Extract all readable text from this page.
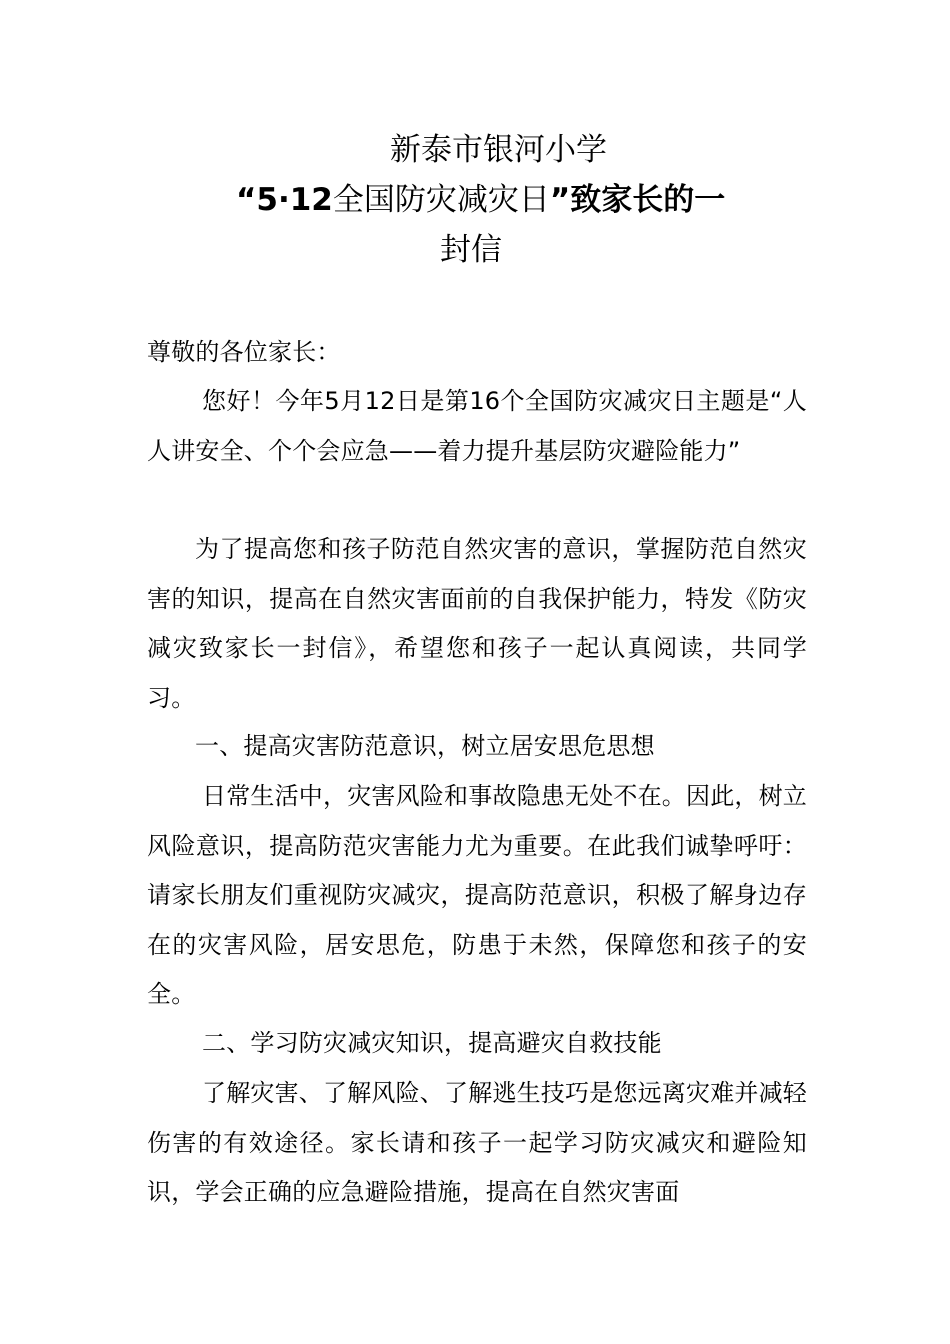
新泰市银河小学
“5·12全国防灾减灾日”致家长的一
封信
尊敬的各位家长：
您好！今年5月12日是第16个全国防灾减灾日主题是“人人讲安全、个个会应急——着力提升基层防灾避险能力”
为了提高您和孩子防范自然灾害的意识，掌握防范自然灾害的知识，提高在自然灾害面前的自我保护能力，特发《防灾减灾致家长一封信》，希望您和孩子一起认真阅读，共同学习。
一、提高灾害防范意识，树立居安思危思想
日常生活中，灾害风险和事故隐患无处不在。因此，树立风险意识，提高防范灾害能力尤为重要。在此我们诚挚呼吁：请家长朋友们重视防灾减灾，提高防范意识，积极了解身边存在的灾害风险，居安思危，防患于未然，保障您和孩子的安全。
二、学习防灾减灾知识，提高避灾自救技能
了解灾害、了解风险、了解逃生技巧是您远离灾难并减轻伤害的有效途径。家长请和孩子一起学习防灾减灾和避险知识，学会正确的应急避险措施，提高在自然灾害面
